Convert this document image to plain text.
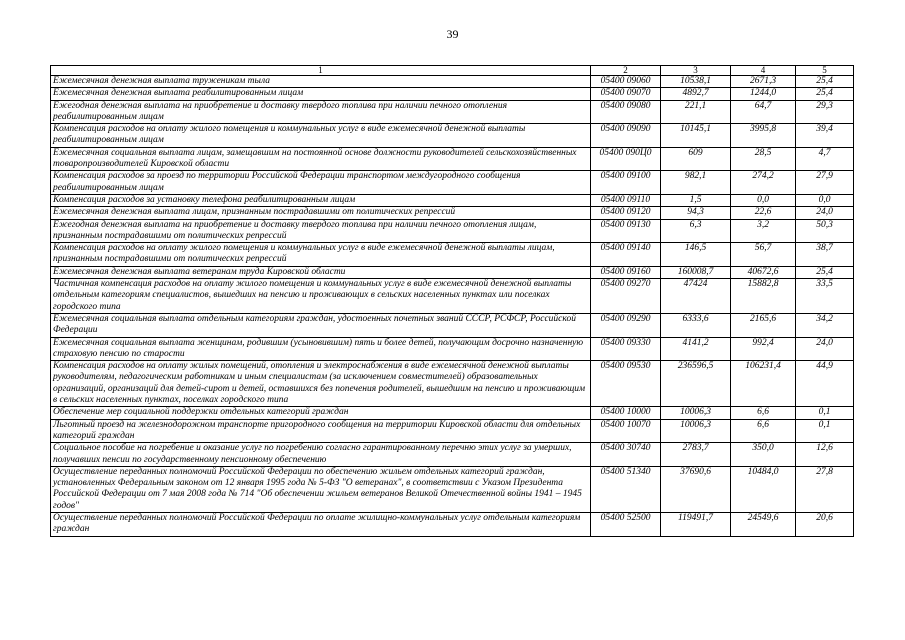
39
1	2	3	4	5
Ежемесячная денежная выплата труженикам тыла	05400 09060	10538,1	2671,3	25,4
Ежемесячная денежная выплата реабилитированным лицам	05400 09070	4892,7	1244,0	25,4
Ежегодная денежная выплата на приобретение и доставку твердого топлива при наличии печного отопления реабилитированным лицам	05400 09080	221,1	64,7	29,3
Компенсация расходов на оплату жилого помещения и коммунальных услуг в виде ежемесячной денежной выплаты реабилитированным лицам	05400 09090	10145,1	3995,8	39,4
Ежемесячная социальная выплата лицам, замещавшим на постоянной основе должности руководителей сельскохозяйственных товаропроизводителей Кировской области	05400 090Ц0	609	28,5	4,7
Компенсация расходов за проезд по территории Российской Федерации транспортом междугородного сообщения реабилитированным лицам	05400 09100	982,1	274,2	27,9
Компенсация расходов за установку телефона реабилитированным лицам	05400 09110	1,5	0,0	0,0
Ежемесячная денежная выплата лицам, признанным пострадавшими от политических репрессий	05400 09120	94,3	22,6	24,0
Ежегодная денежная выплата на приобретение и доставку твердого топлива при наличии печного отопления лицам, признанным пострадавшими от политических репрессий	05400 09130	6,3	3,2	50,3
Компенсация расходов на оплату жилого помещения и коммунальных услуг в виде ежемесячной денежной выплаты лицам, признанным пострадавшими от политических репрессий	05400 09140	146,5	56,7	38,7
Ежемесячная денежная выплата ветеранам труда Кировской области	05400 09160	160008,7	40672,6	25,4
Частичная компенсация расходов на оплату жилого помещения и коммунальных услуг в виде ежемесячной денежной выплаты отдельным категориям специалистов, вышедших на пенсию и проживающих в сельских населенных пунктах или поселках городского типа	05400 09270	47424	15882,8	33,5
Ежемесячная социальная выплата отдельным категориям граждан, удостоенных почетных званий СССР, РСФСР, Российской Федерации	05400 09290	6333,6	2165,6	34,2
Ежемесячная социальная выплата женщинам, родившим (усыновившим) пять и более детей, получающим досрочно назначенную страховую пенсию по старости	05400 09330	4141,2	992,4	24,0
Компенсация расходов на оплату жилых помещений, отопления и электроснабжения в виде ежемесячной денежной выплаты руководителям, педагогическим работникам и иным специалистам (за исключением совместителей) образовательных организаций, организаций для детей-сирот и детей, оставшихся без попечения родителей, вышедшим на пенсию и проживающим в сельских населенных пунктах, поселках городского типа	05400 09530	236596,5	106231,4	44,9
Обеспечение мер социальной поддержки отдельных категорий граждан	05400 10000	10006,3	6,6	0,1
Льготный проезд на железнодорожном транспорте пригородного сообщения на территории Кировской области для отдельных категорий граждан	05400 10070	10006,3	6,6	0,1
Социальное пособие на погребение и оказание услуг по погребению согласно гарантированному перечню этих услуг за умерших, получавших пенсии по государственному пенсионному обеспечению	05400 30740	2783,7	350,0	12,6
Осуществление переданных полномочий Российской Федерации по обеспечению жильем отдельных категорий граждан, установленных Федеральным законом от 12 января 1995 года № 5-ФЗ "О ветеранах", в соответствии с Указом Президента Российской Федерации от 7 мая 2008 года № 714 "Об обеспечении жильем ветеранов Великой Отечественной войны 1941 – 1945 годов"	05400 51340	37690,6	10484,0	27,8
Осуществление переданных полномочий Российской Федерации по оплате жилищно-коммунальных услуг отдельным категориям граждан	05400 52500	119491,7	24549,6	20,6
